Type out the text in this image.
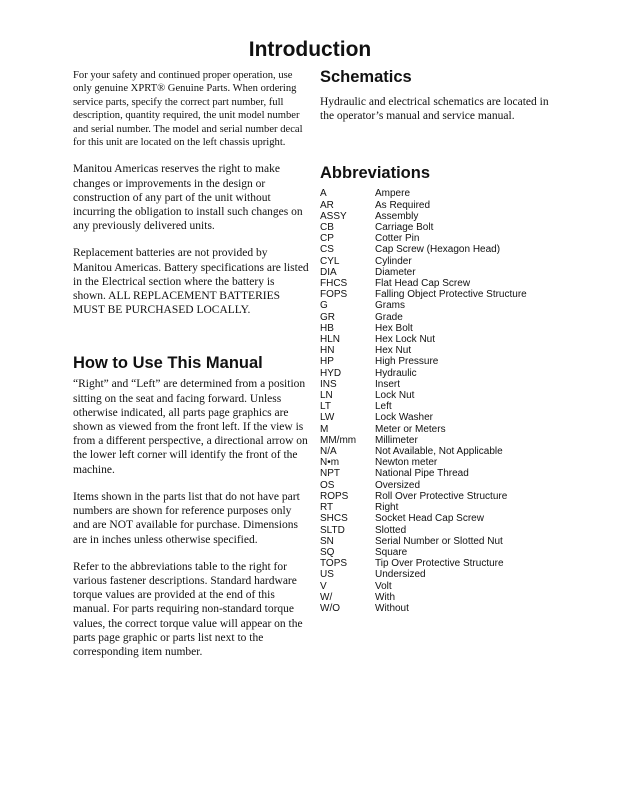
Introduction

For your safety and continued proper operation, use only genuine XPRT® Genuine Parts. When ordering service parts, specify the correct part number, full description, quantity required, the unit model number and serial number. The model and serial number decal for this unit are located on the left chassis upright.

Manitou Americas reserves the right to make changes or improvements in the design or construction of any part of the unit without incurring the obligation to install such changes on any previously delivered units.

Replacement batteries are not provided by Manitou Americas. Battery specifications are listed in the Electrical section where the battery is shown. ALL REPLACEMENT BATTERIES MUST BE PURCHASED LOCALLY.

How to Use This Manual

“Right” and “Left” are determined from a position sitting on the seat and facing forward. Unless otherwise indicated, all parts page graphics are shown as viewed from the front left. If the view is from a different perspective, a directional arrow on the lower left corner will identify the front of the machine.

Items shown in the parts list that do not have part numbers are shown for reference purposes only and are NOT available for purchase. Dimensions are in inches unless otherwise specified.

Refer to the abbreviations table to the right for various fastener descriptions. Standard hardware torque values are provided at the end of this manual. For parts requiring non-standard torque values, the correct torque value will appear on the parts page graphic or parts list next to the corresponding item number.

Schematics

Hydraulic and electrical schematics are located in the operator’s manual and service manual.

Abbreviations
A	Ampere
AR	As Required
ASSY	Assembly
CB	Carriage Bolt
CP	Cotter Pin
CS	Cap Screw (Hexagon Head)
CYL	Cylinder
DIA	Diameter
FHCS	Flat Head Cap Screw
FOPS	Falling Object Protective Structure
G	Grams
GR	Grade
HB	Hex Bolt
HLN	Hex Lock Nut
HN	Hex Nut
HP	High Pressure
HYD	Hydraulic
INS	Insert
LN	Lock Nut
LT	Left
LW	Lock Washer
M	Meter or Meters
MM/mm	Millimeter
N/A	Not Available, Not Applicable
N•m	Newton meter
NPT	National Pipe Thread
OS	Oversized
ROPS	Roll Over Protective Structure
RT	Right
SHCS	Socket Head Cap Screw
SLTD	Slotted
SN	Serial Number or Slotted Nut
SQ	Square
TOPS	Tip Over Protective Structure
US	Undersized
V	Volt
W/	With
W/O	Without
